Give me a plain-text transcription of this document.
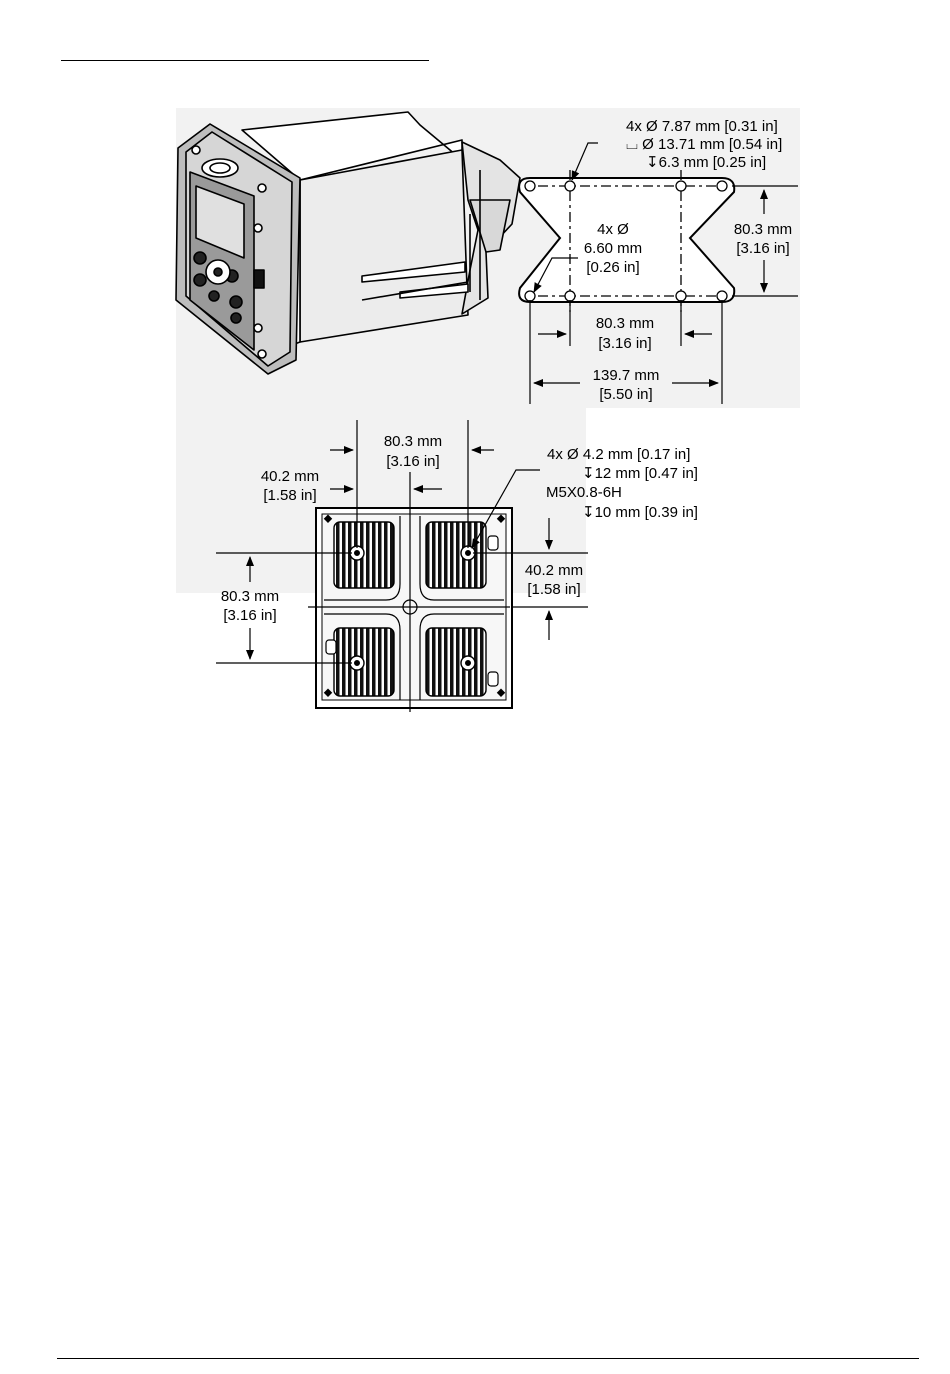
4x Ø 7.87 mm [0.31 in]
⌴ Ø 13.71 mm [0.54 in]
↧6.3 mm [0.25 in]
4x Ø
6.60 mm
[0.26 in]
80.3 mm
[3.16 in]
80.3 mm
[3.16 in]
139.7 mm
[5.50 in]
80.3 mm
[3.16 in]
40.2 mm
[1.58 in]
4x Ø 4.2 mm [0.17 in]
↧12 mm [0.47 in]
M5X0.8-6H
↧10 mm [0.39 in]
40.2 mm
[1.58 in]
80.3 mm
[3.16 in]
